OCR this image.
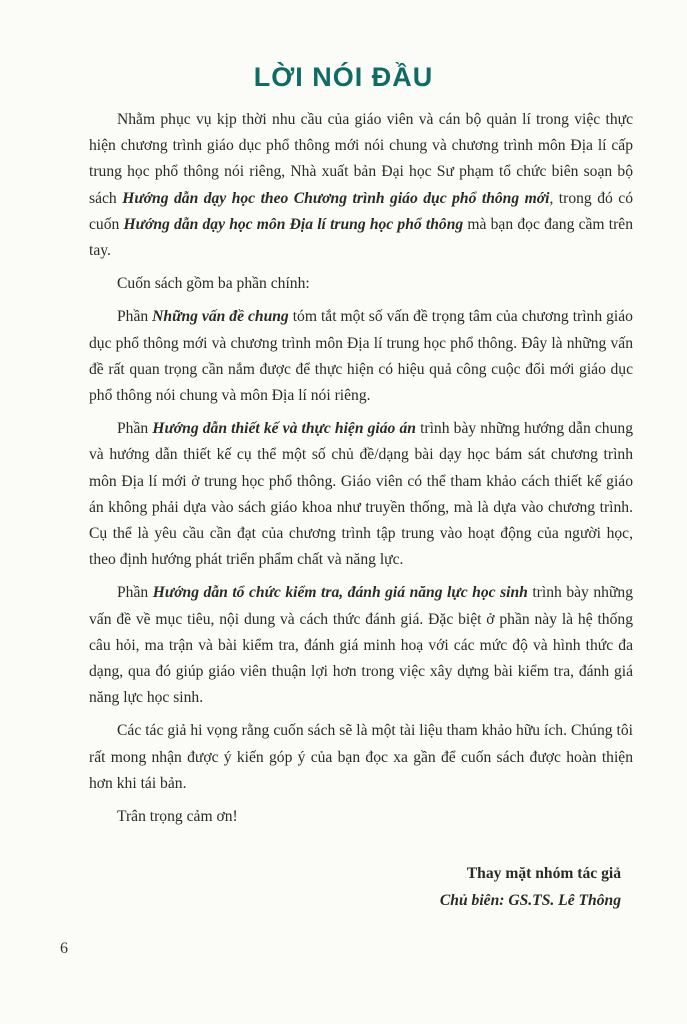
LỜI NÓI ĐẦU

Nhằm phục vụ kịp thời nhu cầu của giáo viên và cán bộ quản lí trong việc thực hiện chương trình giáo dục phổ thông mới nói chung và chương trình môn Địa lí cấp trung học phổ thông nói riêng, Nhà xuất bản Đại học Sư phạm tổ chức biên soạn bộ sách Hướng dẫn dạy học theo Chương trình giáo dục phổ thông mới, trong đó có cuốn Hướng dẫn dạy học môn Địa lí trung học phổ thông mà bạn đọc đang cầm trên tay.

Cuốn sách gồm ba phần chính:

Phần Những vấn đề chung tóm tắt một số vấn đề trọng tâm của chương trình giáo dục phổ thông mới và chương trình môn Địa lí trung học phổ thông. Đây là những vấn đề rất quan trọng cần nắm được để thực hiện có hiệu quả công cuộc đổi mới giáo dục phổ thông nói chung và môn Địa lí nói riêng.

Phần Hướng dẫn thiết kế và thực hiện giáo án trình bày những hướng dẫn chung và hướng dẫn thiết kế cụ thể một số chủ đề/dạng bài dạy học bám sát chương trình môn Địa lí mới ở trung học phổ thông. Giáo viên có thể tham khảo cách thiết kế giáo án không phải dựa vào sách giáo khoa như truyền thống, mà là dựa vào chương trình. Cụ thể là yêu cầu cần đạt của chương trình tập trung vào hoạt động của người học, theo định hướng phát triển phẩm chất và năng lực.

Phần Hướng dẫn tổ chức kiểm tra, đánh giá năng lực học sinh trình bày những vấn đề về mục tiêu, nội dung và cách thức đánh giá. Đặc biệt ở phần này là hệ thống câu hỏi, ma trận và bài kiểm tra, đánh giá minh hoạ với các mức độ và hình thức đa dạng, qua đó giúp giáo viên thuận lợi hơn trong việc xây dựng bài kiểm tra, đánh giá năng lực học sinh.

Các tác giả hi vọng rằng cuốn sách sẽ là một tài liệu tham khảo hữu ích. Chúng tôi rất mong nhận được ý kiến góp ý của bạn đọc xa gần để cuốn sách được hoàn thiện hơn khi tái bản.

Trân trọng cảm ơn!

Thay mặt nhóm tác giả
Chủ biên: GS.TS. Lê Thông
6
